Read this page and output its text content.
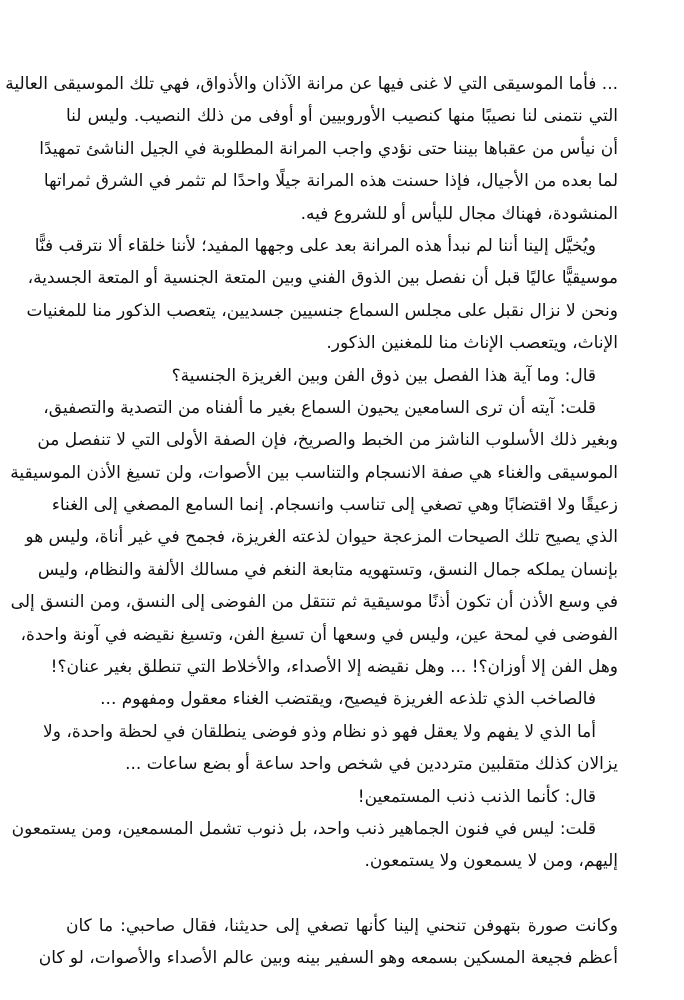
... فأما الموسيقى التي لا غنى فيها عن مرانة الآذان والأذواق، فهي تلك الموسيقى العالية
التي نتمنى لنا نصيبًا منها كنصيب الأوروبيين أو أوفى من ذلك النصيب. وليس لنا
أن نيأس من عقباها بيننا حتى نؤدي واجب المرانة المطلوبة في الجيل الناشئ تمهيدًا
لما بعده من الأجيال، فإذا حسنت هذه المرانة جيلًا واحدًا لم تثمر في الشرق ثمراتها
المنشودة، فهناك مجال لليأس أو للشروع فيه.
ويُخيَّل إلينا أننا لم نبدأ هذه المرانة بعد على وجهها المفيد؛ لأننا خلقاء ألا نترقب فنًّا
موسيقيًّا عاليًا قبل أن نفصل بين الذوق الفني وبين المتعة الجنسية أو المتعة الجسدية،
ونحن لا نزال نقبل على مجلس السماع جنسيين جسديين، يتعصب الذكور منا للمغنيات
الإناث، ويتعصب الإناث منا للمغنين الذكور.
قال: وما آية هذا الفصل بين ذوق الفن وبين الغريزة الجنسية؟
قلت: آيته أن ترى السامعين يحيون السماع بغير ما ألفناه من التصدية والتصفيق،
وبغير ذلك الأسلوب الناشز من الخبط والصريخ، فإن الصفة الأولى التي لا تنفصل من
الموسيقى والغناء هي صفة الانسجام والتناسب بين الأصوات، ولن تسيغ الأذن الموسيقية
زعيقًا ولا اقتضابًا وهي تصغي إلى تناسب وانسجام. إنما السامع المصغي إلى الغناء
الذي يصيح تلك الصيحات المزعجة حيوان لذعته الغريزة، فجمح في غير أناة، وليس هو
بإنسان يملكه جمال النسق، وتستهويه متابعة النغم في مسالك الألفة والنظام، وليس
في وسع الأذن أن تكون أذنًا موسيقية ثم تنتقل من الفوضى إلى النسق، ومن النسق إلى
الفوضى في لمحة عين، وليس في وسعها أن تسيغ الفن، وتسيغ نقيضه في آونة واحدة،
وهل الفن إلا أوزان؟! ... وهل نقيضه إلا الأصداء، والأخلاط التي تنطلق بغير عنان؟!
فالصاخب الذي تلذعه الغريزة فيصيح، ويقتضب الغناء معقول ومفهوم ...
أما الذي لا يفهم ولا يعقل فهو ذو نظام وذو فوضى ينطلقان في لحظة واحدة، ولا
يزالان كذلك متقلبين مترددين في شخص واحد ساعة أو بضع ساعات ...
قال: كأنما الذنب ذنب المستمعين!
قلت: ليس في فنون الجماهير ذنب واحد، بل ذنوب تشمل المسمعين، ومن يستمعون
إليهم، ومن لا يسمعون ولا يستمعون.
وكانت صورة بتهوفن تنحني إلينا كأنها تصغي إلى حديثنا، فقال صاحبي: ما كان
أعظم فجيعة المسكين بسمعه وهو السفير بينه وبين عالم الأصداء والأصوات، لو كان
